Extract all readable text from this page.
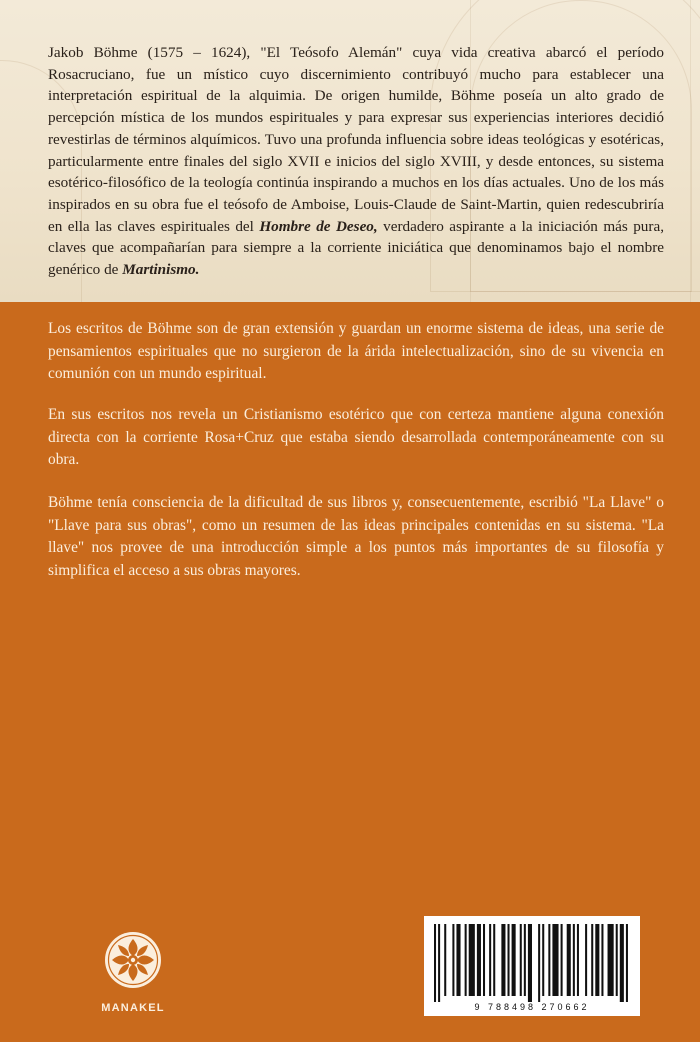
Jakob Böhme (1575 – 1624), "El Teósofo Alemán" cuya vida creativa abarcó el período Rosacruciano, fue un místico cuyo discernimiento contribuyó mucho para establecer una interpretación espiritual de la alquimia. De origen humilde, Böhme poseía un alto grado de percepción mística de los mundos espirituales y para expresar sus experiencias interiores decidió revestirlas de términos alquímicos. Tuvo una profunda influencia sobre ideas teológicas y esotéricas, particularmente entre finales del siglo XVII e inicios del siglo XVIII, y desde entonces, su sistema esotérico-filosófico de la teología continúa inspirando a muchos en los días actuales. Uno de los más inspirados en su obra fue el teósofo de Amboise, Louis-Claude de Saint-Martin, quien redescubriría en ella las claves espirituales del Hombre de Deseo, verdadero aspirante a la iniciación más pura, claves que acompañarían para siempre a la corriente iniciática que denominamos bajo el nombre genérico de Martinismo.

Los escritos de Böhme son de gran extensión y guardan un enorme sistema de ideas, una serie de pensamientos espirituales que no surgieron de la árida intelectualización, sino de su vivencia en comunión con un mundo espiritual.

En sus escritos nos revela un Cristianismo esotérico que con certeza mantiene alguna conexión directa con la corriente Rosa+Cruz que estaba siendo desarrollada contemporáneamente con su obra.

Böhme tenía consciencia de la dificultad de sus libros y, consecuentemente, escribió "La Llave" o "Llave para sus obras", como un resumen de las ideas principales contenidas en su sistema. "La llave" nos provee de una introducción simple a los puntos más importantes de su filosofía y simplifica el acceso a sus obras mayores.

MANAKEL	9 788498 270662
